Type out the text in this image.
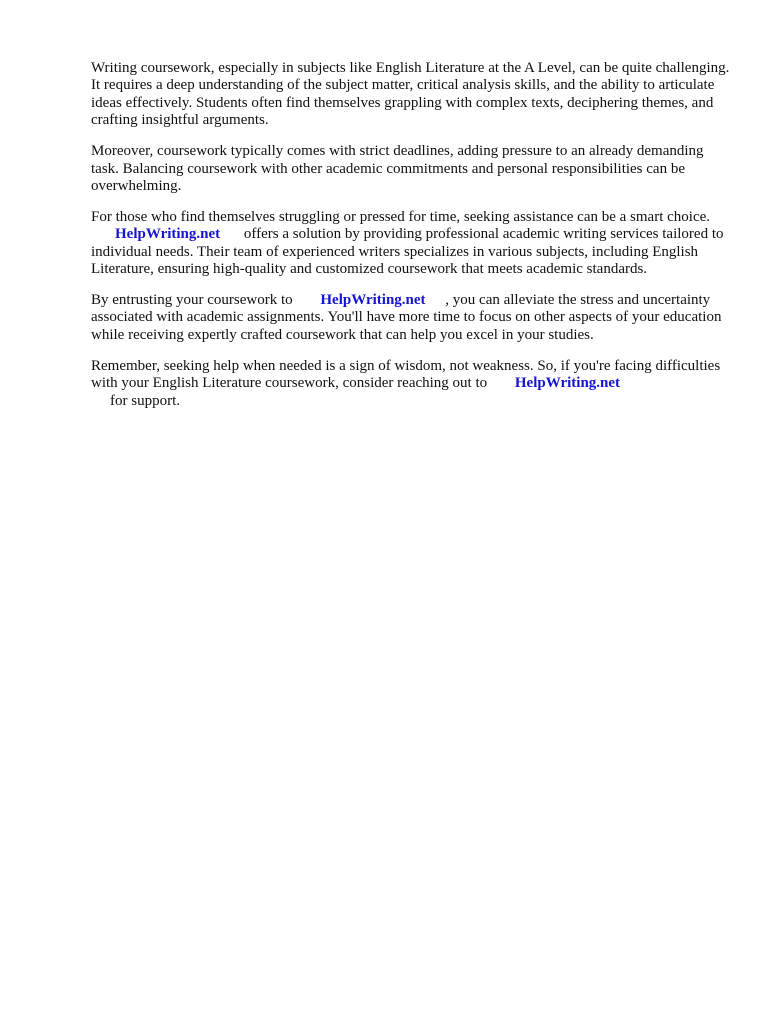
Writing coursework, especially in subjects like English Literature at the A Level, can be quite challenging. It requires a deep understanding of the subject matter, critical analysis skills, and the ability to articulate ideas effectively. Students often find themselves grappling with complex texts, deciphering themes, and crafting insightful arguments.

Moreover, coursework typically comes with strict deadlines, adding pressure to an already demanding task. Balancing coursework with other academic commitments and personal responsibilities can be overwhelming.

For those who find themselves struggling or pressed for time, seeking assistance can be a smart choice. HelpWriting.net offers a solution by providing professional academic writing services tailored to individual needs. Their team of experienced writers specializes in various subjects, including English Literature, ensuring high-quality and customized coursework that meets academic standards.

By entrusting your coursework to HelpWriting.net , you can alleviate the stress and uncertainty associated with academic assignments. You'll have more time to focus on other aspects of your education while receiving expertly crafted coursework that can help you excel in your studies.

Remember, seeking help when needed is a sign of wisdom, not weakness. So, if you're facing difficulties with your English Literature coursework, consider reaching out to HelpWriting.net
for support.
